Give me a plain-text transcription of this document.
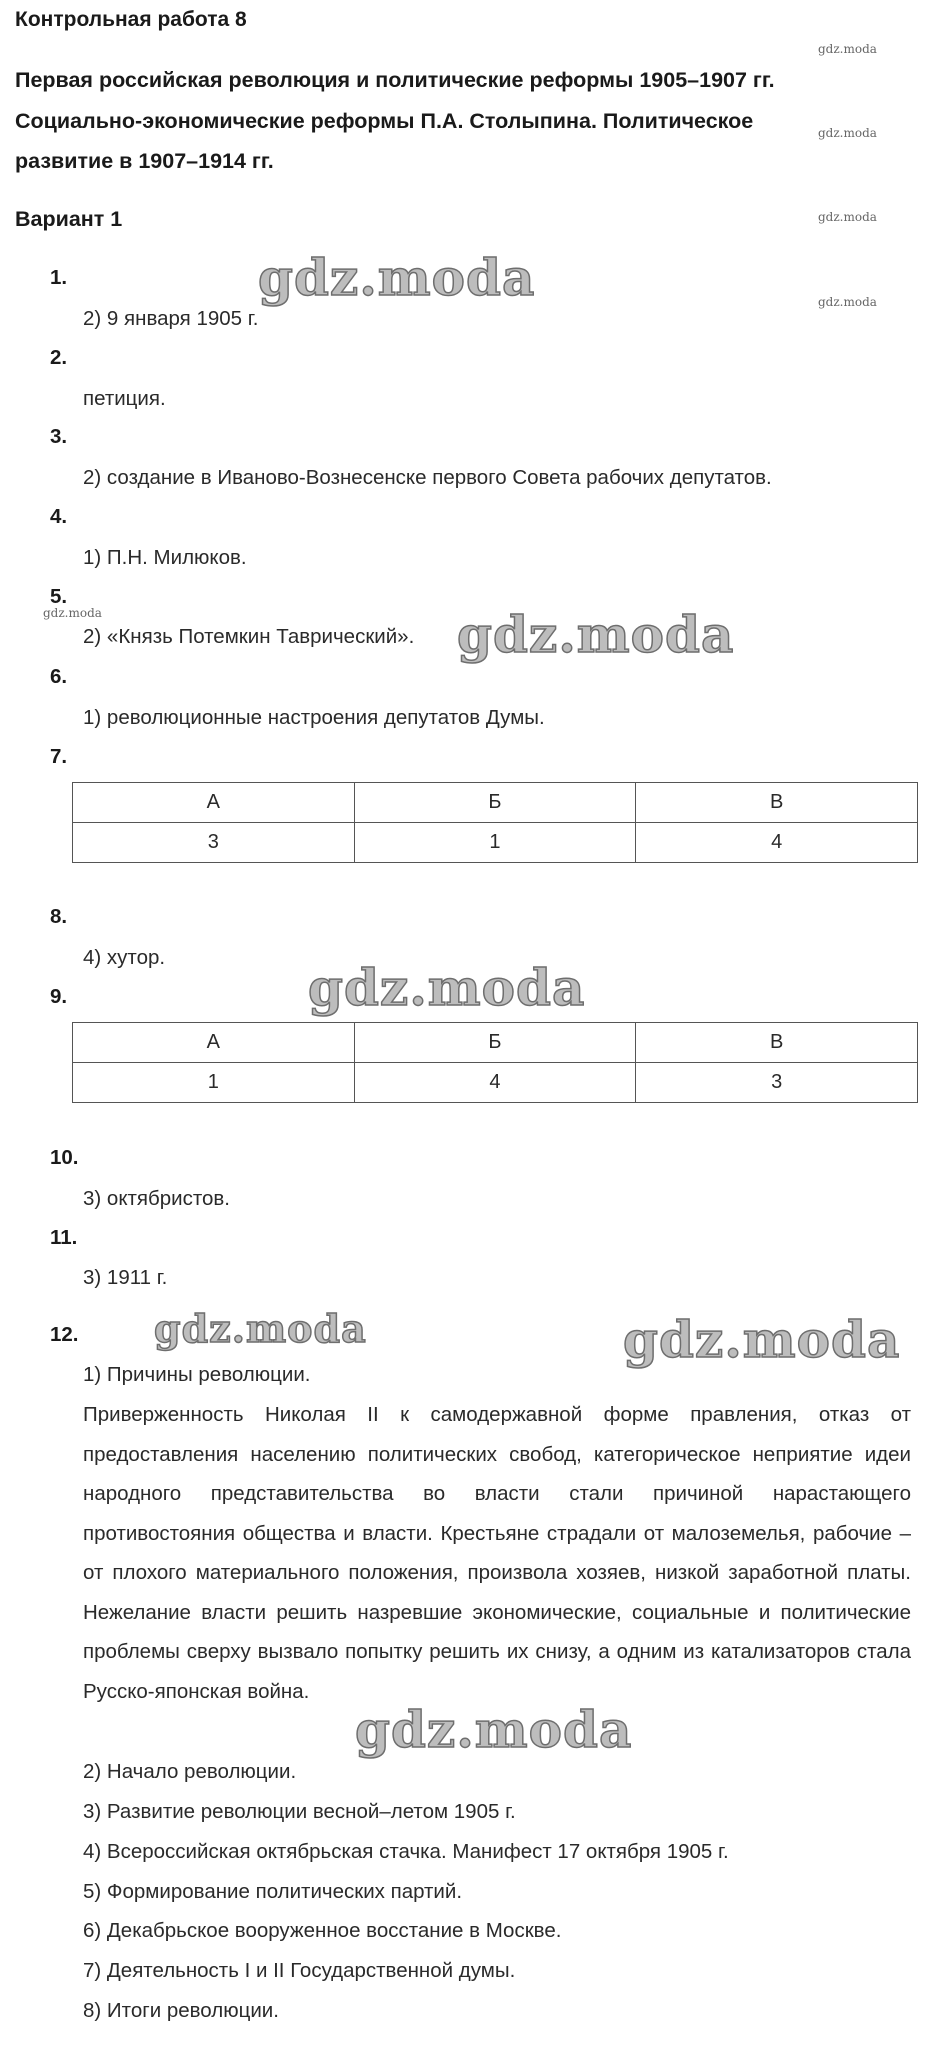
Контрольная работа 8
Первая российская революция и политические реформы 1905–1907 гг.
Социально-экономические реформы П.А. Столыпина. Политическое
развитие в 1907–1914 гг.
Вариант 1
1.
2) 9 января 1905 г.
2.
петиция.
3.
2) создание в Иваново-Вознесенске первого Совета рабочих депутатов.
4.
1) П.Н. Милюков.
5.
2) «Князь Потемкин Таврический».
6.
1) революционные настроения депутатов Думы.
7.
А	Б	В
3	1	4
8.
4) хутор.
9.
А	Б	В
1	4	3
10.
3) октябристов.
11.
3) 1911 г.
12.
1) Причины революции.
Приверженность Николая II к самодержавной форме правления, отказ от предоставления населению политических свобод, категорическое неприятие идеи народного представительства во власти стали причиной нарастающего противостояния общества и власти. Крестьяне страдали от малоземелья, рабочие – от плохого материального положения, произвола хозяев, низкой заработной платы. Нежелание власти решить назревшие экономические, социальные и политические проблемы сверху вызвало попытку решить их снизу, а одним из катализаторов стала Русско-японская война.
2) Начало революции.
3) Развитие революции весной–летом 1905 г.
4) Всероссийская октябрьская стачка. Манифест 17 октября 1905 г.
5) Формирование политических партий.
6) Декабрьское вооруженное восстание в Москве.
7) Деятельность I и II Государственной думы.
8) Итоги революции.
gdz.moda
gdz.moda
gdz.moda
gdz.moda
gdz.moda
gdz.moda
gdz.moda
gdz.moda
gdz.moda	gdz.moda
gdz.moda
